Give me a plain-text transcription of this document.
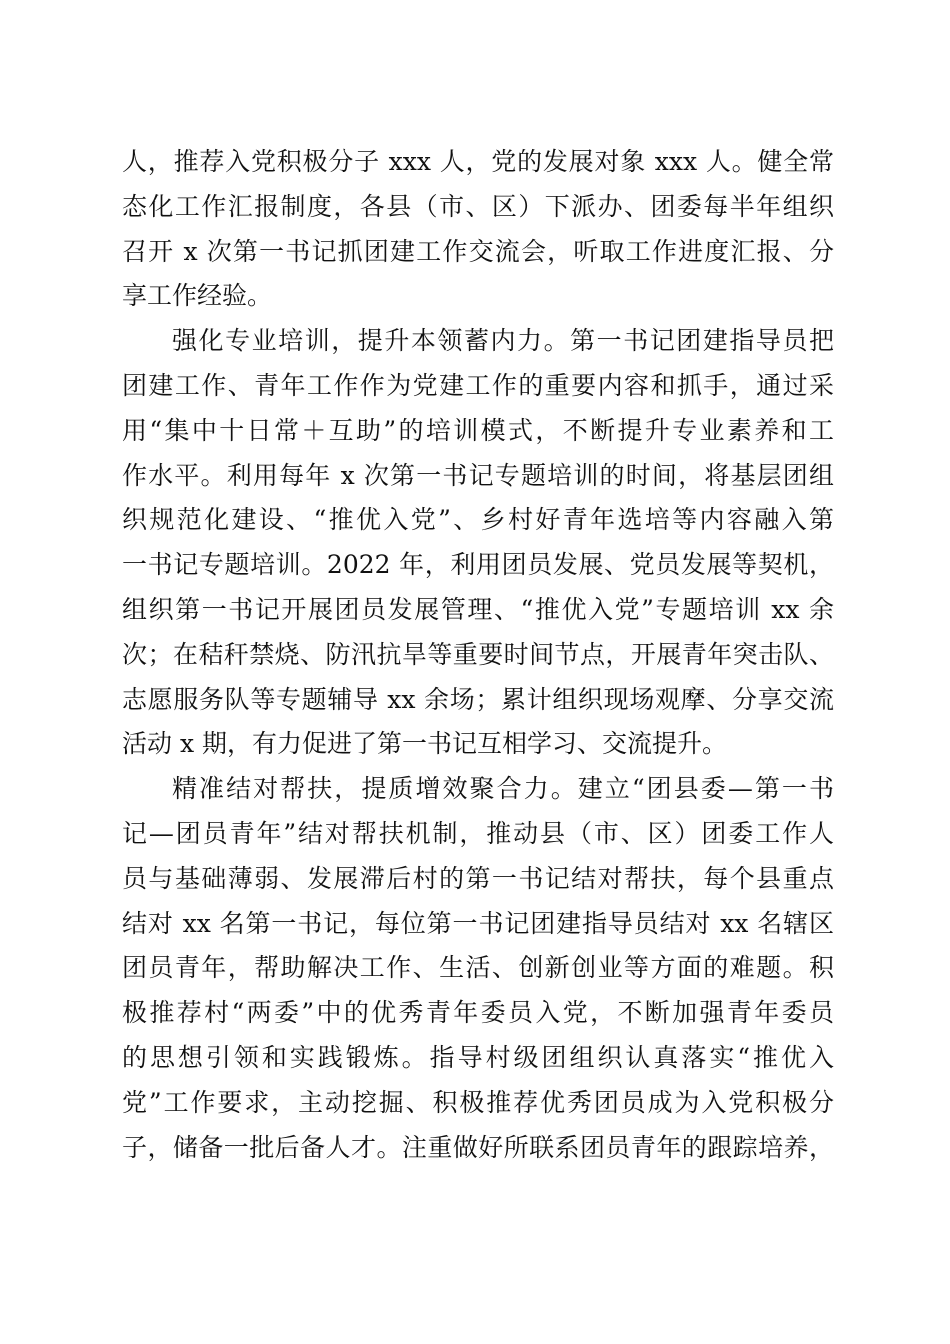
人，推荐入党积极分子 xxx 人，党的发展对象 xxx 人。健全常
态化工作汇报制度，各县（市、区）下派办、团委每半年组织
召开 x 次第一书记抓团建工作交流会，听取工作进度汇报、分
享工作经验。
强化专业培训，提升本领蓄内力。第一书记团建指导员把
团建工作、青年工作作为党建工作的重要内容和抓手，通过采
用“集中十日常＋互助”的培训模式，不断提升专业素养和工
作水平。利用每年 x 次第一书记专题培训的时间，将基层团组
织规范化建设、“推优入党”、乡村好青年选培等内容融入第
一书记专题培训。2022 年，利用团员发展、党员发展等契机，
组织第一书记开展团员发展管理、“推优入党”专题培训 xx 余
次；在秸秆禁烧、防汛抗旱等重要时间节点，开展青年突击队、
志愿服务队等专题辅导 xx 余场；累计组织现场观摩、分享交流
活动 x 期，有力促进了第一书记互相学习、交流提升。
精准结对帮扶，提质增效聚合力。建立“团县委—第一书
记—团员青年”结对帮扶机制，推动县（市、区）团委工作人
员与基础薄弱、发展滞后村的第一书记结对帮扶，每个县重点
结对 xx 名第一书记，每位第一书记团建指导员结对 xx 名辖区
团员青年，帮助解决工作、生活、创新创业等方面的难题。积
极推荐村“两委”中的优秀青年委员入党，不断加强青年委员
的思想引领和实践锻炼。指导村级团组织认真落实“推优入
党”工作要求，主动挖掘、积极推荐优秀团员成为入党积极分
子，储备一批后备人才。注重做好所联系团员青年的跟踪培养，
